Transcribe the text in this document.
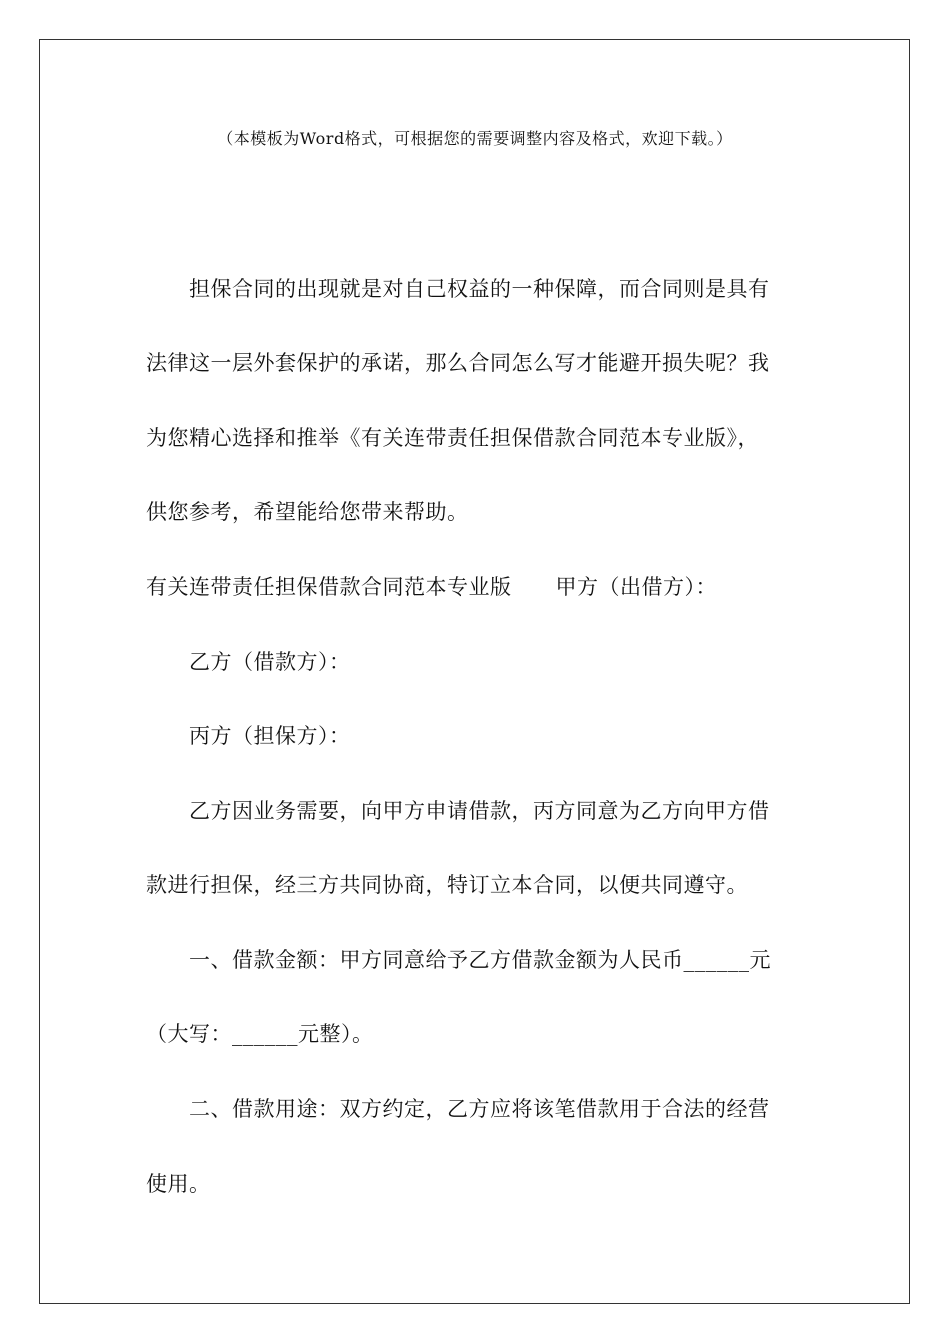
（本模板为Word格式，可根据您的需要调整内容及格式，欢迎下载。）
担保合同的出现就是对自己权益的一种保障，而合同则是具有
法律这一层外套保护的承诺，那么合同怎么写才能避开损失呢？我
为您精心选择和推举《有关连带责任担保借款合同范本专业版》，
供您参考，希望能给您带来帮助。
有关连带责任担保借款合同范本专业版 甲方（出借方）：
乙方（借款方）：
丙方（担保方）：
乙方因业务需要，向甲方申请借款，丙方同意为乙方向甲方借
款进行担保，经三方共同协商，特订立本合同，以便共同遵守。
一、借款金额：甲方同意给予乙方借款金额为人民币______元
（大写：______元整）。
二、借款用途：双方约定，乙方应将该笔借款用于合法的经营
使用。
